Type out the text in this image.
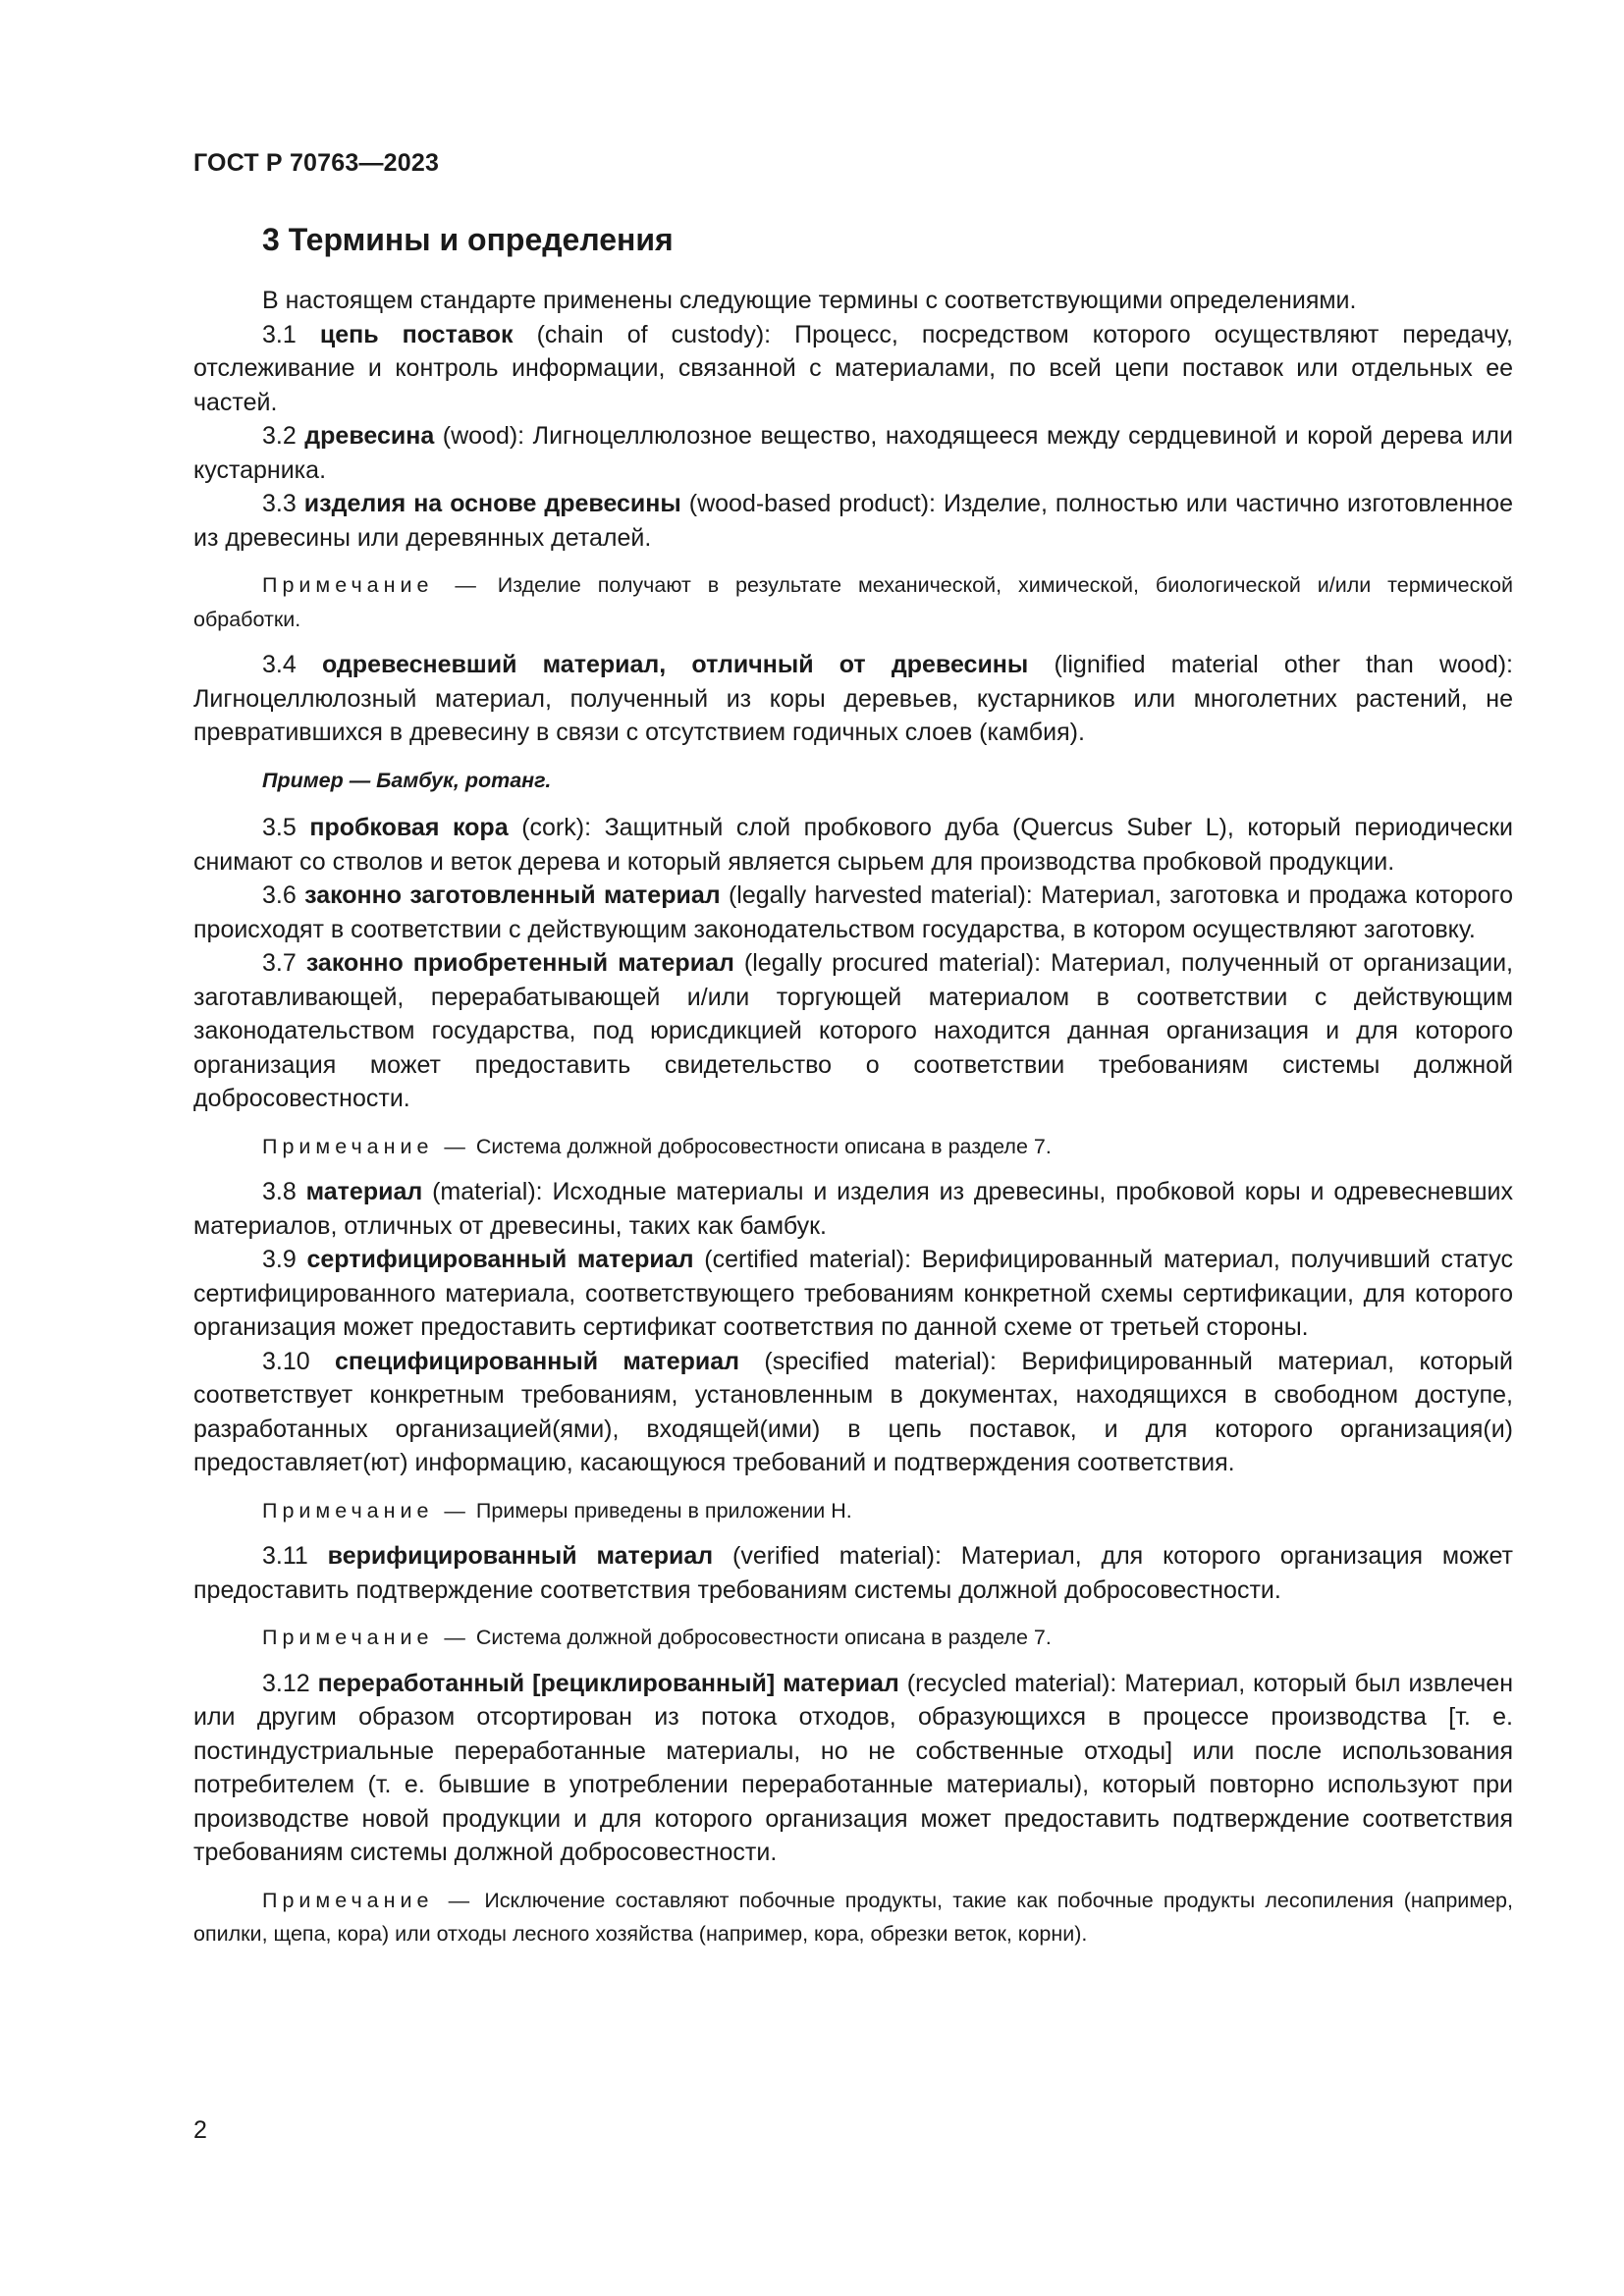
ГОСТ Р 70763—2023
3 Термины и определения

В настоящем стандарте применены следующие термины с соответствующими определениями.

3.1 цепь поставок (chain of custody): Процесс, посредством которого осуществляют передачу, отслеживание и контроль информации, связанной с материалами, по всей цепи поставок или отдельных ее частей.

3.2 древесина (wood): Лигноцеллюлозное вещество, находящееся между сердцевиной и корой дерева или кустарника.

3.3 изделия на основе древесины (wood-based product): Изделие, полностью или частично изготовленное из древесины или деревянных деталей.

Примечание — Изделие получают в результате механической, химической, биологической и/или термической обработки.

3.4 одревесневший материал, отличный от древесины (lignified material other than wood): Лигноцеллюлозный материал, полученный из коры деревьев, кустарников или многолетних растений, не превратившихся в древесину в связи с отсутствием годичных слоев (камбия).

Пример — Бамбук, ротанг.

3.5 пробковая кора (cork): Защитный слой пробкового дуба (Quercus Suber L), который периодически снимают со стволов и веток дерева и который является сырьем для производства пробковой продукции.

3.6 законно заготовленный материал (legally harvested material): Материал, заготовка и продажа которого происходят в соответствии с действующим законодательством государства, в котором осуществляют заготовку.

3.7 законно приобретенный материал (legally procured material): Материал, полученный от организации, заготавливающей, перерабатывающей и/или торгующей материалом в соответствии с действующим законодательством государства, под юрисдикцией которого находится данная организация и для которого организация может предоставить свидетельство о соответствии требованиям системы должной добросовестности.

Примечание — Система должной добросовестности описана в разделе 7.

3.8 материал (material): Исходные материалы и изделия из древесины, пробковой коры и одревесневших материалов, отличных от древесины, таких как бамбук.

3.9 сертифицированный материал (certified material): Верифицированный материал, получивший статус сертифицированного материала, соответствующего требованиям конкретной схемы сертификации, для которого организация может предоставить сертификат соответствия по данной схеме от третьей стороны.

3.10 специфицированный материал (specified material): Верифицированный материал, который соответствует конкретным требованиям, установленным в документах, находящихся в свободном доступе, разработанных организацией(ями), входящей(ими) в цепь поставок, и для которого организация(и) предоставляет(ют) информацию, касающуюся требований и подтверждения соответствия.

Примечание — Примеры приведены в приложении Н.

3.11 верифицированный материал (verified material): Материал, для которого организация может предоставить подтверждение соответствия требованиям системы должной добросовестности.

Примечание — Система должной добросовестности описана в разделе 7.

3.12 переработанный [рециклированный] материал (recycled material): Материал, который был извлечен или другим образом отсортирован из потока отходов, образующихся в процессе производства [т. е. постиндустриальные переработанные материалы, но не собственные отходы] или после использования потребителем (т. е. бывшие в употреблении переработанные материалы), который повторно используют при производстве новой продукции и для которого организация может предоставить подтверждение соответствия требованиям системы должной добросовестности.

Примечание — Исключение составляют побочные продукты, такие как побочные продукты лесопиления (например, опилки, щепа, кора) или отходы лесного хозяйства (например, кора, обрезки веток, корни).

2
